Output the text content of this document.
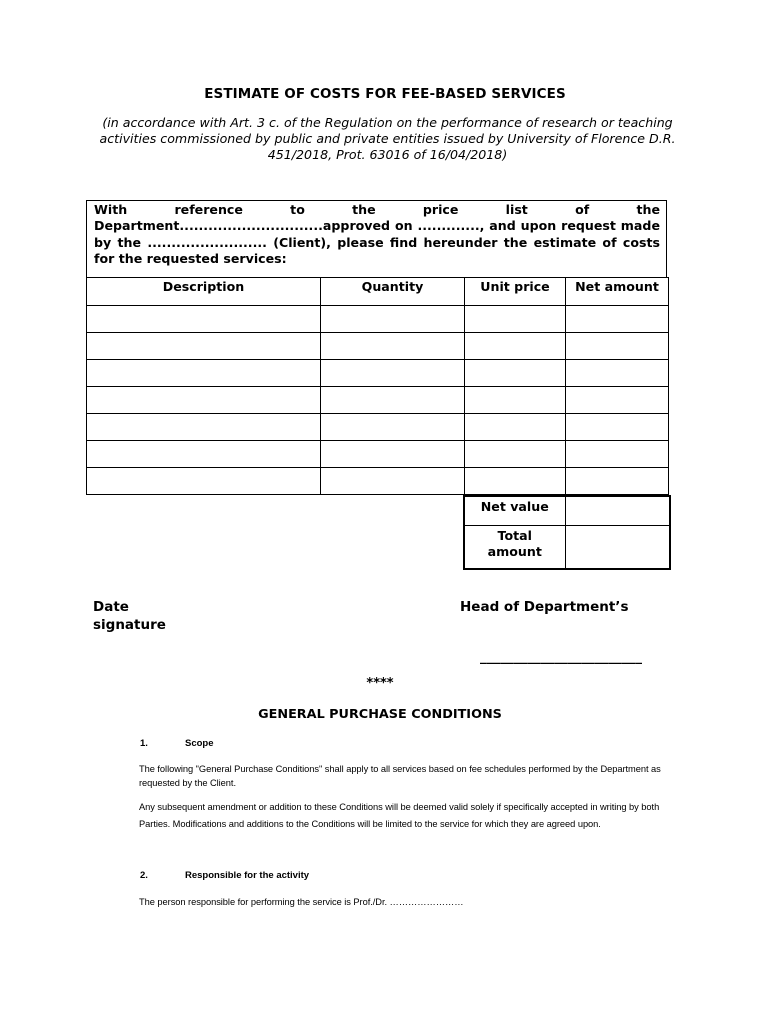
ESTIMATE OF COSTS FOR FEE-BASED SERVICES
(in accordance with Art. 3 c. of the Regulation on the performance of research or teaching activities commissioned by public and private entities issued by University of Florence D.R. 451/2018, Prot. 63016 of 16/04/2018)
With reference to the price list of the Department..............................approved on ............., and upon request made by the ......................... (Client), please find hereunder the estimate of costs for the requested services:
Description	Quantity	Unit price	Net amount

Net value	
Total amount	
Date signature
Head of Department’s
________________________
****
GENERAL PURCHASE CONDITIONS
1.	Scope
The following "General Purchase Conditions" shall apply to all services based on fee schedules performed by the Department as requested by the Client.
Any subsequent amendment or addition to these Conditions will be deemed valid solely if specifically accepted in writing by both Parties. Modifications and additions to the Conditions will be limited to the service for which they are agreed upon.
2.	Responsible for the activity
The person responsible for performing the service is Prof./Dr. ……………………
